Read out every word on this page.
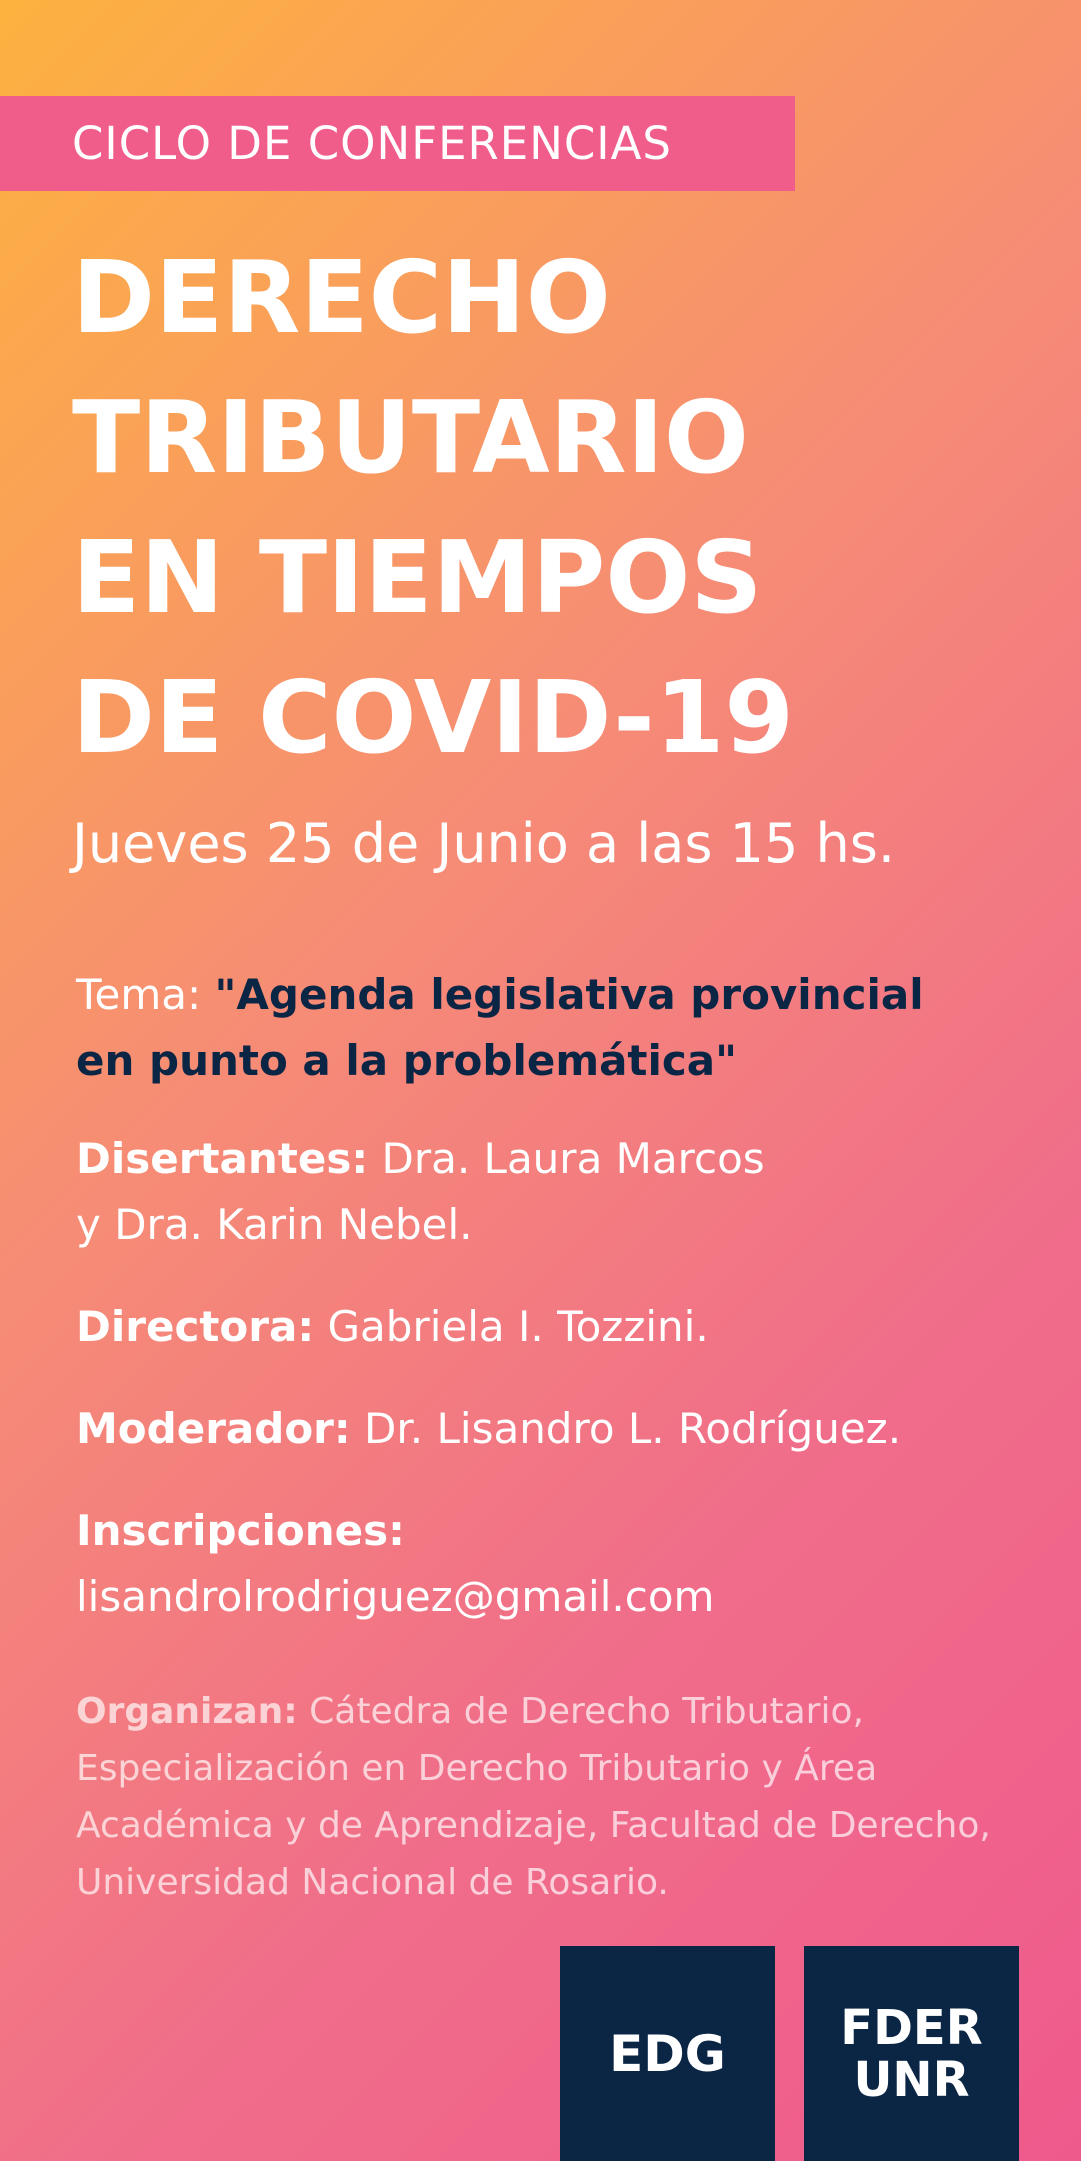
CICLO DE CONFERENCIAS
DERECHO
TRIBUTARIO
EN TIEMPOS
DE COVID-19
Jueves 25 de Junio a las 15 hs.
Tema: "Agenda legislativa provincial
en punto a la problemática"
Disertantes: Dra. Laura Marcos
y Dra. Karin Nebel.
Directora: Gabriela I. Tozzini.
Moderador: Dr. Lisandro L. Rodríguez.
Inscripciones:
lisandrolrodriguez@gmail.com
Organizan: Cátedra de Derecho Tributario, Especialización en Derecho Tributario y Área Académica y de Aprendizaje, Facultad de Derecho, Universidad Nacional de Rosario.
EDG FDER
UNR
